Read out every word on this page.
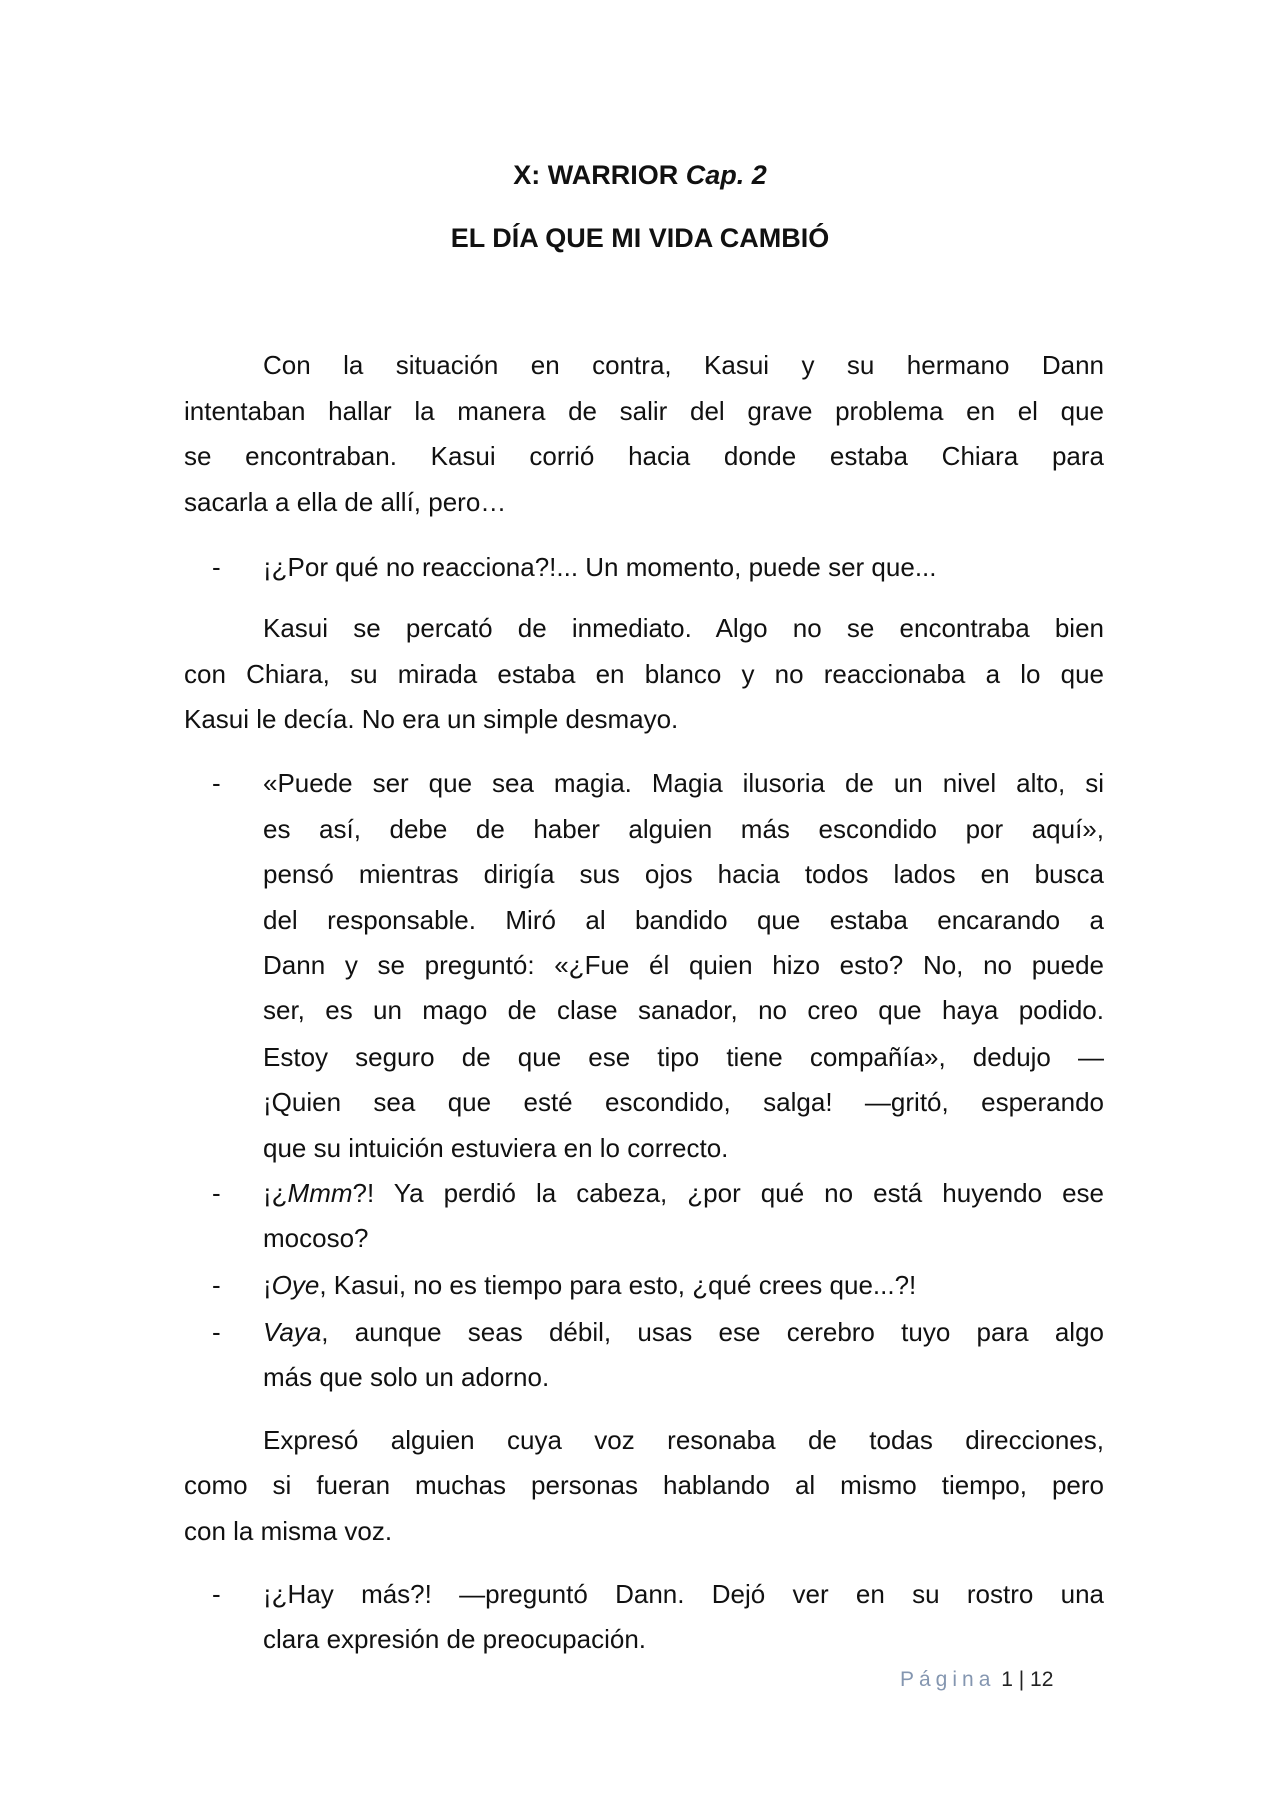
X: WARRIOR Cap. 2
EL DÍA QUE MI VIDA CAMBIÓ
Con la situación en contra, Kasui y su hermano Dann
intentaban hallar la manera de salir del grave problema en el que
se encontraban. Kasui corrió hacia donde estaba Chiara para
sacarla a ella de allí, pero…
¡¿Por qué no reacciona?!... Un momento, puede ser que...
-
Kasui se percató de inmediato. Algo no se encontraba bien
con Chiara, su mirada estaba en blanco y no reaccionaba a lo que
Kasui le decía. No era un simple desmayo.
«Puede ser que sea magia. Magia ilusoria de un nivel alto, si
-
es así, debe de haber alguien más escondido por aquí»,
pensó mientras dirigía sus ojos hacia todos lados en busca
del responsable. Miró al bandido que estaba encarando a
Dann y se preguntó: «¿Fue él quien hizo esto? No, no puede
ser, es un mago de clase sanador, no creo que haya podido.
Estoy seguro de que ese tipo tiene compañía», dedujo —
¡Quien sea que esté escondido, salga! —gritó, esperando
que su intuición estuviera en lo correcto.
¡¿Mmm?! Ya perdió la cabeza, ¿por qué no está huyendo ese
-
mocoso?
¡Oye, Kasui, no es tiempo para esto, ¿qué crees que...?!
-
Vaya, aunque seas débil, usas ese cerebro tuyo para algo
-
más que solo un adorno.
Expresó alguien cuya voz resonaba de todas direcciones,
como si fueran muchas personas hablando al mismo tiempo, pero
con la misma voz.
¡¿Hay más?! —preguntó Dann. Dejó ver en su rostro una
-
clara expresión de preocupación.
Página 1 | 12
